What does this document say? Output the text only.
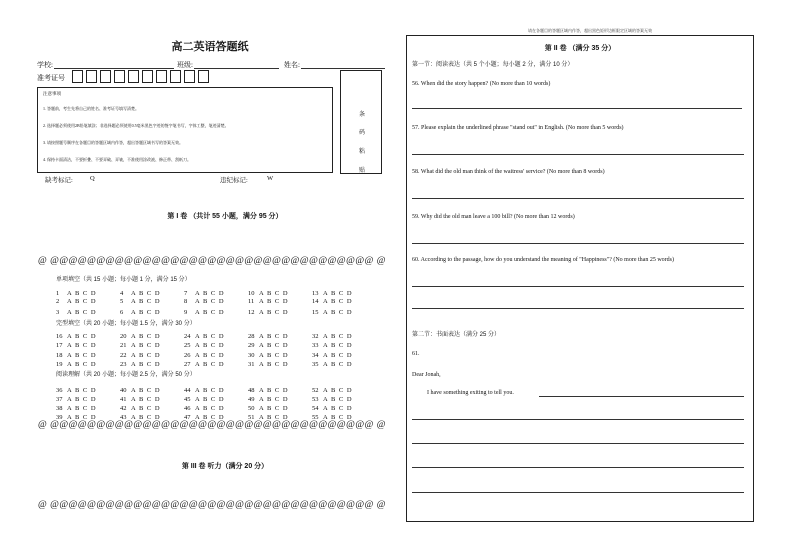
高二英语答题纸
学校:	班级:	姓名:
准考证号
注意事项
1. 答题前，考生先将自己的姓名、准考证号填写清楚。
2. 选择题必须使用2B铅笔填涂；非选择题必须使用0.5毫米黑色字迹的签字笔书写，字体工整，笔迹清楚。
3. 请按照题号顺序在各题目的答题区域内作答，超出答题区域书写的答案无效。
4. 保持卡面清洁，不要折叠、不要弄破、弄皱，不准使用涂改液、修正带、刮纸刀。
条
码
粘
贴
缺考标记:	Q	违纪标记:	W
第 I 卷 （共计 55 小题，满分 95 分）
@ @@@@@@@@@@@@@@@@@@@@@@@@@@@@@@@@@@@ @
单项填空（共 15 小题；每小题 1 分，满分 15 分）
完型填空（共 20 小题；每小题 1.5 分，满分 30 分）
阅读理解（共 20 小题；每小题 2.5 分，满分 50 分）
1 A B C D	4 A B C D	7 A B C D	10 A B C D	13 A B C D
2 A B C D	5 A B C D	8 A B C D	11 A B C D	14 A B C D
3 A B C D	6 A B C D	9 A B C D	12 A B C D	15 A B C D
16 A B C D	20 A B C D	24 A B C D	28 A B C D	32 A B C D
17 A B C D	21 A B C D	25 A B C D	29 A B C D	33 A B C D
18 A B C D	22 A B C D	26 A B C D	30 A B C D	34 A B C D
19 A B C D	23 A B C D	27 A B C D	31 A B C D	35 A B C D
36 A B C D	40 A B C D	44 A B C D	48 A B C D	52 A B C D
37 A B C D	41 A B C D	45 A B C D	49 A B C D	53 A B C D
38 A B C D	42 A B C D	46 A B C D	50 A B C D	54 A B C D
39 A B C D	43 A B C D	47 A B C D	51 A B C D	55 A B C D
@ @@@@@@@@@@@@@@@@@@@@@@@@@@@@@@@@@@@ @
第 III 卷 听力（满分 20 分）
@ @@@@@@@@@@@@@@@@@@@@@@@@@@@@@@@@@@@ @
请在各题目的答题区域内作答，超出黑色矩形边框限定区域的答案无效
第 II 卷 （满分 35 分）
第一节：阅读表达（共 5 个小题；每小题 2 分，满分 10 分）
56. When did the story happen? (No more than 10 words)
57. Please explain the underlined phrase "stand out" in English. (No more than 5 words)
58. What did the old man think of the waitress' service? (No more than 8 words)
59. Why did the old man leave a 100 bill? (No more than 12 words)
60. According to the passage, how do you understand the meaning of "Happiness"? (No more than 25 words)
第二节：书面表达（满分 25 分）
61.
Dear Jonah,
I have something exiting to tell you.
